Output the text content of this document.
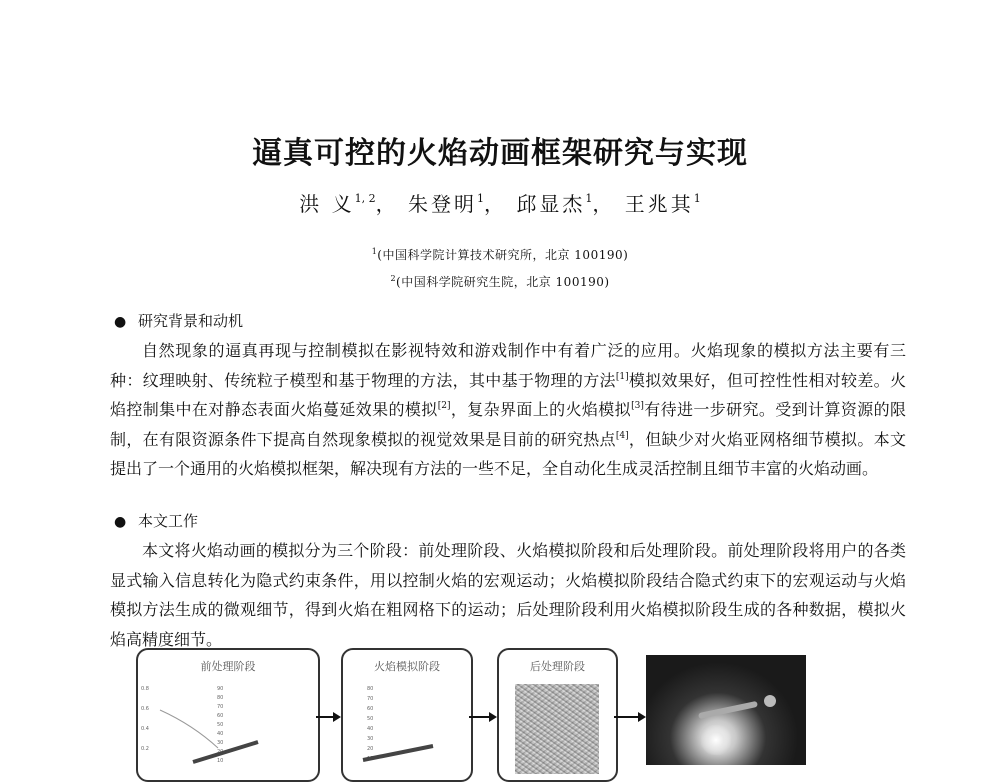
逼真可控的火焰动画框架研究与实现
洪 义$^{1, 2}$， 朱登明$^1$， 邱显杰$^1$， 王兆其$^1$
$^1$(中国科学院计算技术研究所，北京 100190)
$^2$(中国科学院研究生院，北京 100190)
● 研究背景和动机

自然现象的逼真再现与控制模拟在影视特效和游戏制作中有着广泛的应用。火焰现象的模拟方法主要有三种：纹理映射、传统粒子模型和基于物理的方法，其中基于物理的方法[1]模拟效果好，但可控性性相对较差。火焰控制集中在对静态表面火焰蔓延效果的模拟[2]，复杂界面上的火焰模拟[3]有待进一步研究。受到计算资源的限制，在有限资源条件下提高自然现象模拟的视觉效果是目前的研究热点[4]，但缺少对火焰亚网格细节模拟。本文提出了一个通用的火焰模拟框架，解决现有方法的一些不足，全自动化生成灵活控制且细节丰富的火焰动画。

● 本文工作

本文将火焰动画的模拟分为三个阶段：前处理阶段、火焰模拟阶段和后处理阶段。前处理阶段将用户的各类显式输入信息转化为隐式约束条件，用以控制火焰的宏观运动；火焰模拟阶段结合隐式约束下的宏观运动与火焰模拟方法生成的微观细节，得到火焰在粗网格下的运动；后处理阶段利用火焰模拟阶段生成的各种数据，模拟火焰高精度细节。

前处理阶段
0.8
0.6
0.4
0.2
90
80
70
60
50
40
30
20
10
火焰模拟阶段
80
70
60
50
40
30
20
10
后处理阶段
